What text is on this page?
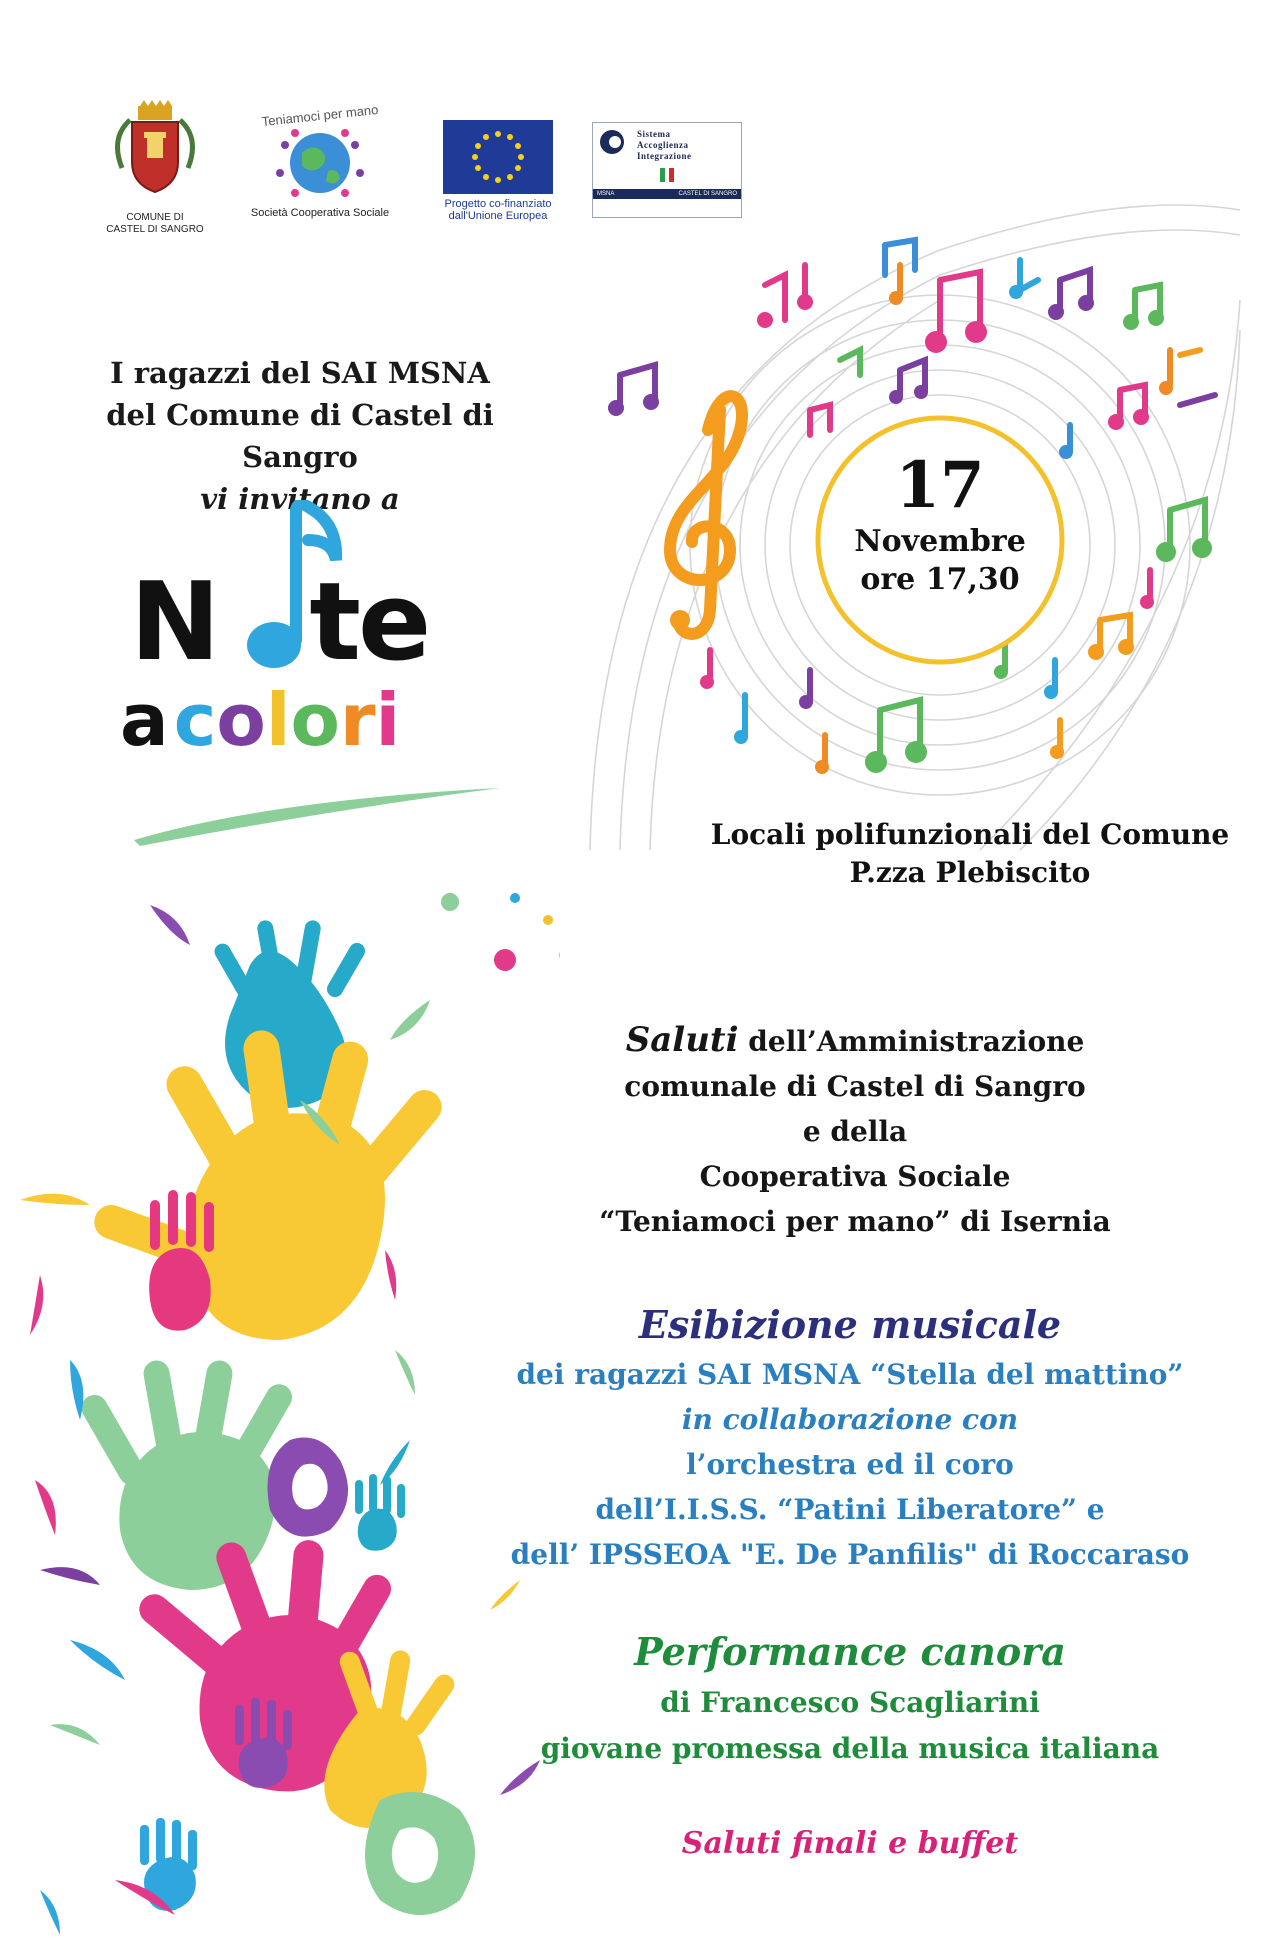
COMUNE DI
CASTEL DI SANGRO
Teniamoci per mano
Società Cooperativa Sociale
Progetto co-finanziato
dall'Unione Europea
Sistema
Accoglienza
Integrazione
MSNA	CASTEL DI SANGRO
17
Novembre
ore 17,30
I ragazzi del SAI MSNA
del Comune di Castel di Sangro
vi invitano a
N te
a colori
Locali polifunzionali del Comune
P.zza Plebiscito
Saluti dell’Amministrazione
comunale di Castel di Sangro
e della
Cooperativa Sociale
“Teniamoci per mano” di Isernia
Esibizione musicale
dei ragazzi SAI MSNA “Stella del mattino”
in collaborazione con
l’orchestra ed il coro
dell’I.I.S.S. “Patini Liberatore” e
dell’ IPSSEOA "E. De Panfilis" di Roccaraso
Performance canora
di Francesco Scagliarini
giovane promessa della musica italiana
Saluti finali e buffet
